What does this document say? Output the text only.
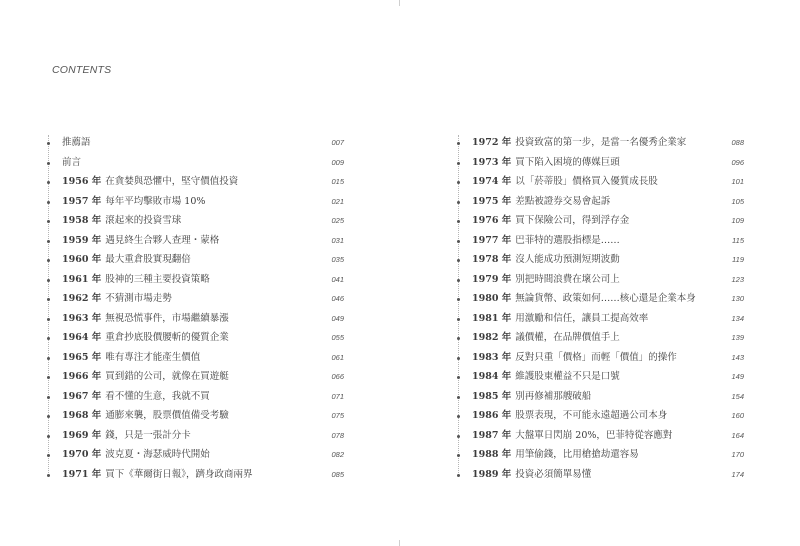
CONTENTS
推薦語	007
前言	009
1956 年 在貪婪與恐懼中，堅守價值投資	015
1957 年 每年平均擊敗市場 10%	021
1958 年 滾起來的投資雪球	025
1959 年 遇見終生合夥人查理・蒙格	031
1960 年 最大重倉股實現翻倍	035
1961 年 股神的三種主要投資策略	041
1962 年 不猜測市場走勢	046
1963 年 無視恐慌事件，市場繼續暴漲	049
1964 年 重倉抄底股價腰斬的優質企業	055
1965 年 唯有專注才能產生價值	061
1966 年 買到錯的公司，就像在買遊艇	066
1967 年 看不懂的生意，我就不買	071
1968 年 通膨來襲，股票價值備受考驗	075
1969 年 錢，只是一張計分卡	078
1970 年 波克夏・海瑟威時代開始	082
1971 年 買下《華爾街日報》，躋身政商兩界	085
1972 年 投資致富的第一步，是當一名優秀企業家	088
1973 年 買下陷入困境的傳媒巨頭	096
1974 年 以「菸蒂股」價格買入優質成長股	101
1975 年 差點被證券交易會起訴	105
1976 年 買下保險公司，得到浮存金	109
1977 年 巴菲特的選股指標是……	115
1978 年 沒人能成功預測短期波動	119
1979 年 別把時間浪費在壞公司上	123
1980 年 無論貨幣、政策如何……核心還是企業本身	130
1981 年 用激勵和信任，讓員工提高效率	134
1982 年 議價權，在品牌價值手上	139
1983 年 反對只重「價格」而輕「價值」的操作	143
1984 年 維護股東權益不只是口號	149
1985 年 別再修補那艘破船	154
1986 年 股票表現，不可能永遠超過公司本身	160
1987 年 大盤單日閃崩 20%，巴菲特從容應對	164
1988 年 用筆偷錢，比用槍搶劫還容易	170
1989 年 投資必須簡單易懂	174
